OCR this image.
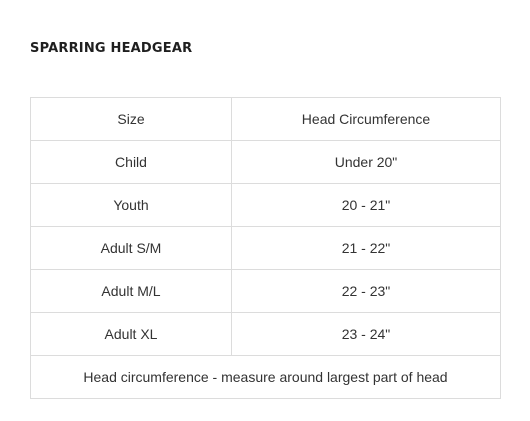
SPARRING HEADGEAR
Size	Head Circumference
Child	Under 20"
Youth	20 - 21"
Adult S/M	21 - 22"
Adult M/L	22 - 23"
Adult XL	23 - 24"
Head circumference - measure around largest part of head	
